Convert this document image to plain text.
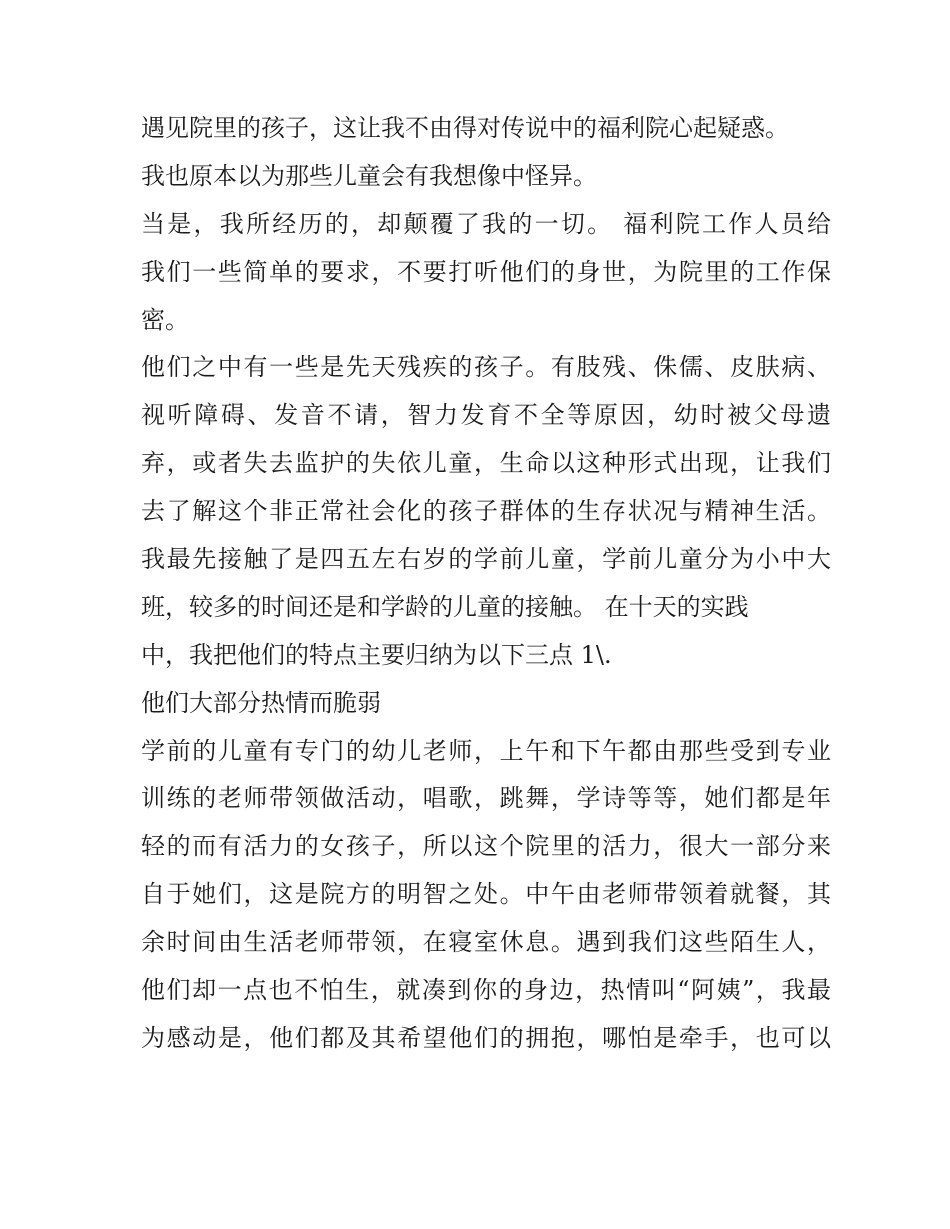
遇见院里的孩子，这让我不由得对传说中的福利院心起疑惑。
我也原本以为那些儿童会有我想像中怪异。
当是，我所经历的，却颠覆了我的一切。 福利院工作人员给
我们一些简单的要求，不要打听他们的身世，为院里的工作保
密。
他们之中有一些是先天残疾的孩子。有肢残、侏儒、皮肤病、
视听障碍、发音不请，智力发育不全等原因，幼时被父母遗
弃，或者失去监护的失依儿童，生命以这种形式出现，让我们
去了解这个非正常社会化的孩子群体的生存状况与精神生活。
我最先接触了是四五左右岁的学前儿童，学前儿童分为小中大
班，较多的时间还是和学龄的儿童的接触。 在十天的实践
中，我把他们的特点主要归纳为以下三点 1\.
他们大部分热情而脆弱
学前的儿童有专门的幼儿老师，上午和下午都由那些受到专业
训练的老师带领做活动，唱歌，跳舞，学诗等等，她们都是年
轻的而有活力的女孩子，所以这个院里的活力，很大一部分来
自于她们，这是院方的明智之处。中午由老师带领着就餐，其
余时间由生活老师带领，在寝室休息。遇到我们这些陌生人，
他们却一点也不怕生，就凑到你的身边，热情叫“阿姨”，我最
为感动是，他们都及其希望他们的拥抱，哪怕是牵手，也可以
